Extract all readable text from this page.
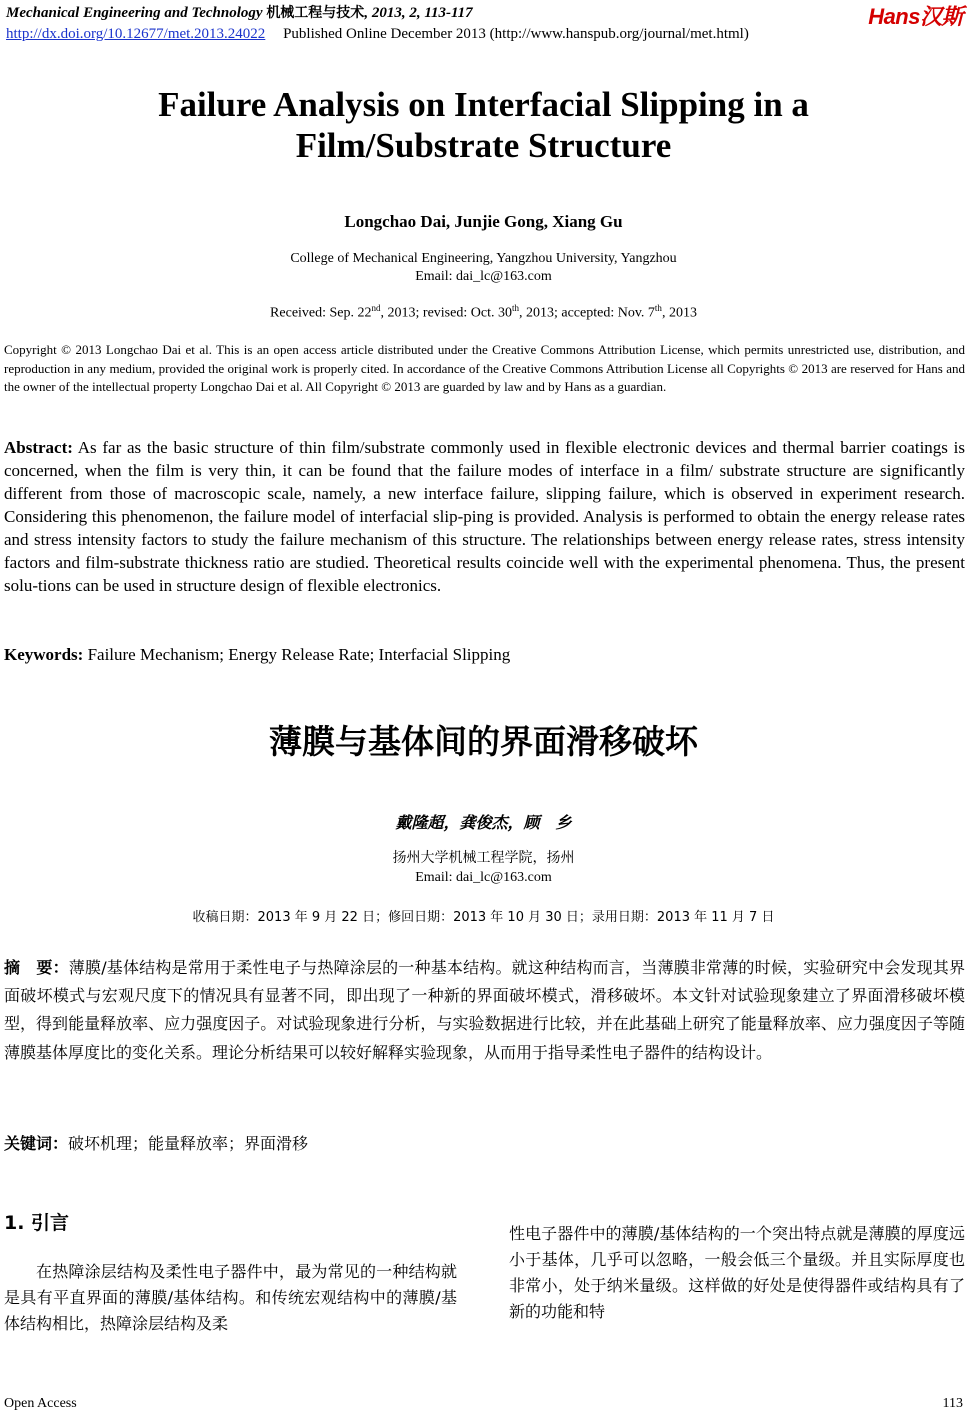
Mechanical Engineering and Technology 机械工程与技术, 2013, 2, 113-117
http://dx.doi.org/10.12677/met.2013.24022 Published Online December 2013 (http://www.hanspub.org/journal/met.html)
Hans汉斯
Failure Analysis on Interfacial Slipping in a
Film/Substrate Structure
Longchao Dai, Junjie Gong, Xiang Gu
College of Mechanical Engineering, Yangzhou University, Yangzhou
Email: dai_lc@163.com
Received: Sep. 22nd, 2013; revised: Oct. 30th, 2013; accepted: Nov. 7th, 2013
Copyright © 2013 Longchao Dai et al. This is an open access article distributed under the Creative Commons Attribution License, which permits unrestricted use, distribution, and reproduction in any medium, provided the original work is properly cited. In accordance of the Creative Commons Attribution License all Copyrights © 2013 are reserved for Hans and the owner of the intellectual property Longchao Dai et al. All Copyright © 2013 are guarded by law and by Hans as a guardian.
Abstract: As far as the basic structure of thin film/substrate commonly used in flexible electronic devices and thermal barrier coatings is concerned, when the film is very thin, it can be found that the failure modes of interface in a film/ substrate structure are significantly different from those of macroscopic scale, namely, a new interface failure, slipping failure, which is observed in experiment research. Considering this phenomenon, the failure model of interfacial slip-ping is provided. Analysis is performed to obtain the energy release rates and stress intensity factors to study the failure mechanism of this structure. The relationships between energy release rates, stress intensity factors and film-substrate thickness ratio are studied. Theoretical results coincide well with the experimental phenomena. Thus, the present solu-tions can be used in structure design of flexible electronics.
Keywords: Failure Mechanism; Energy Release Rate; Interfacial Slipping
薄膜与基体间的界面滑移破坏
戴隆超，龚俊杰，顾　乡
扬州大学机械工程学院，扬州
Email: dai_lc@163.com
收稿日期：2013 年 9 月 22 日；修回日期：2013 年 10 月 30 日；录用日期：2013 年 11 月 7 日
摘　要：薄膜/基体结构是常用于柔性电子与热障涂层的一种基本结构。就这种结构而言，当薄膜非常薄的时候，实验研究中会发现其界面破坏模式与宏观尺度下的情况具有显著不同，即出现了一种新的界面破坏模式，滑移破坏。本文针对试验现象建立了界面滑移破坏模型，得到能量释放率、应力强度因子。对试验现象进行分析，与实验数据进行比较，并在此基础上研究了能量释放率、应力强度因子等随薄膜基体厚度比的变化关系。理论分析结果可以较好解释实验现象，从而用于指导柔性电子器件的结构设计。
关键词：破坏机理；能量释放率；界面滑移
1. 引言
在热障涂层结构及柔性电子器件中，最为常见的一种结构就是具有平直界面的薄膜/基体结构。和传统宏观结构中的薄膜/基体结构相比，热障涂层结构及柔
性电子器件中的薄膜/基体结构的一个突出特点就是薄膜的厚度远小于基体，几乎可以忽略，一般会低三个量级。并且实际厚度也非常小，处于纳米量级。这样做的好处是使得器件或结构具有了新的功能和特
Open Access	113
